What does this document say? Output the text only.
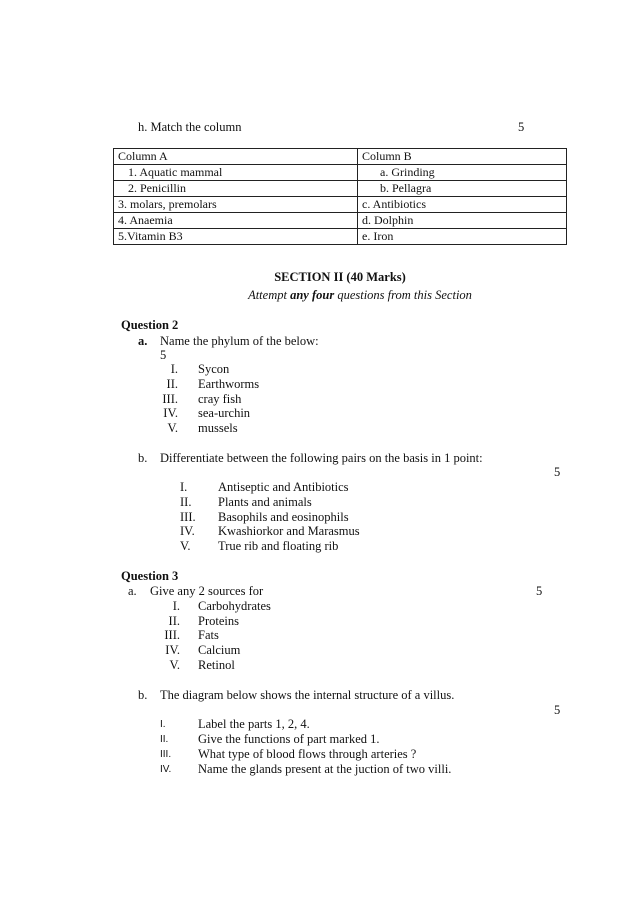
h. Match the column	5
Column A	Column B
1. Aquatic mammal	a. Grinding
2. Penicillin	b. Pellagra
3. molars, premolars	c. Antibiotics
4. Anaemia	d. Dolphin
5.Vitamin B3	e. Iron
SECTION II (40 Marks)
Attempt any four questions from this Section
Question 2
a. Name the phylum of the below:
5
I. Sycon
II. Earthworms
III. cray fish
IV. sea-urchin
V. mussels
b. Differentiate between the following pairs on the basis in 1 point:
5
I. Antiseptic and Antibiotics
II. Plants and animals
III. Basophils and eosinophils
IV. Kwashiorkor and Marasmus
V. True rib and floating rib
Question 3
a. Give any 2 sources for	5
I. Carbohydrates
II. Proteins
III. Fats
IV. Calcium
V. Retinol
b. The diagram below shows the internal structure of a villus.
5
I.	Label the parts 1, 2, 4.
II. Give the functions of part marked 1.
III. What type of blood flows through arteries ?
IV. Name the glands present at the juction of two villi.
